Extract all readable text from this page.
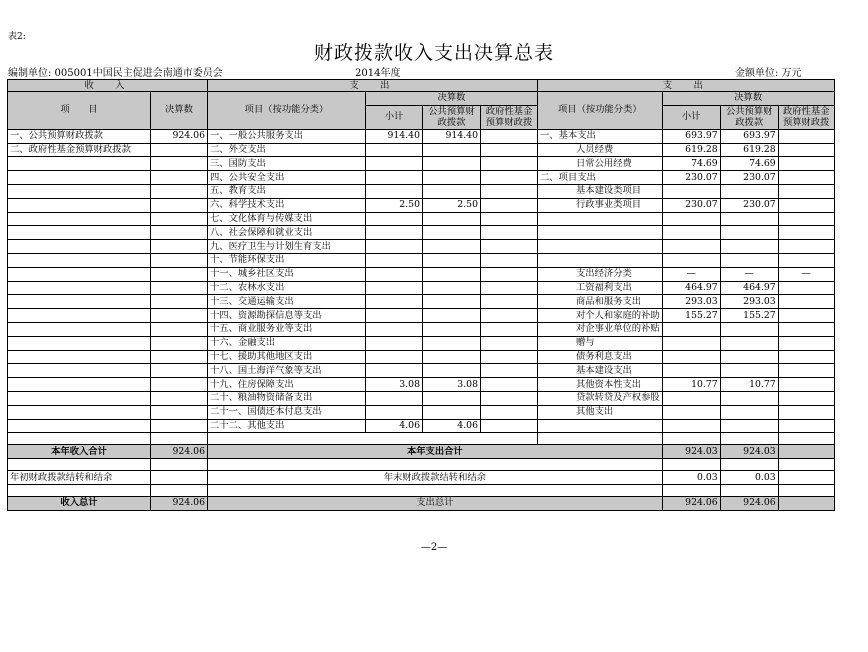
表2:
财政拨款收入支出决算总表
编制单位: 005001中国民主促进会南通市委员会	2014年度	金额单位: 万元
收　入		支　出				支　出			
项　　目	决算数	项目（按功能分类）	决算数			项目（按功能分类）	决算数		
			小计	公共预算财政拨款	政府性基金预算财政拨		小计	公共预算财政拨款	政府性基金预算财政拨
一、公共预算财政拨款	924.06	一、一般公共服务支出	914.40	914.40		一、基本支出	693.97	693.97	
二、政府性基金预算财政拨款		二、外交支出				人员经费	619.28	619.28	
		三、国防支出				日常公用经费	74.69	74.69	
		四、公共安全支出				二、项目支出	230.07	230.07	
		五、教育支出				基本建设类项目			
		六、科学技术支出	2.50	2.50		行政事业类项目	230.07	230.07	
		七、文化体育与传媒支出							
		八、社会保障和就业支出							
		九、医疗卫生与计划生育支出							
		十、节能环保支出							
		十一、城乡社区支出				支出经济分类	—	—	—
		十二、农林水支出				工资福利支出	464.97	464.97	
		十三、交通运输支出				商品和服务支出	293.03	293.03	
		十四、资源勘探信息等支出				对个人和家庭的补助	155.27	155.27	
		十五、商业服务业等支出				对企事业单位的补贴			
		十六、金融支出				赠与			
		十七、援助其他地区支出				债务利息支出			
		十八、国土海洋气象等支出				基本建设支出			
		十九、住房保障支出	3.08	3.08		其他资本性支出	10.77	10.77	
		二十、粮油物资储备支出				贷款转贷及产权参股			
		二十一、国债还本付息支出				其他支出			
		二十二、其他支出	4.06	4.06					

本年收入合计	924.06	本年支出合计					924.03	924.03	

年初财政拨款结转和结余		年末财政拨款结转和结余					0.03	0.03	

收入总计	924.06	支出总计					924.06	924.06	
—2—
